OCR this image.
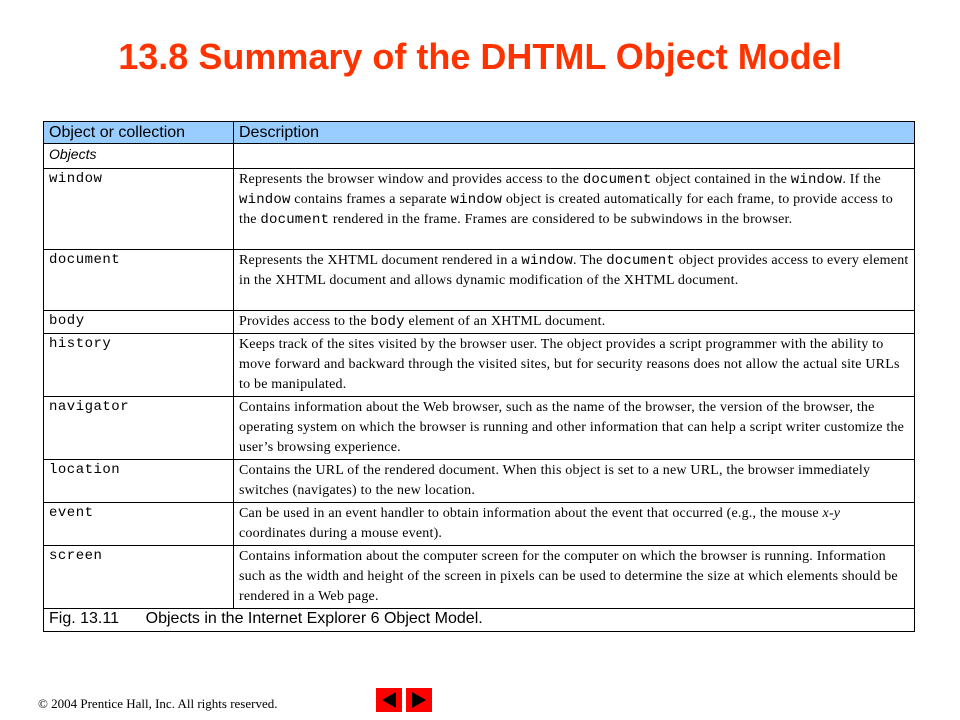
13.8 Summary of the DHTML Object Model
Object or collection	Description
Objects	
window	Represents the browser window and provides access to the document object contained in the window. If the window contains frames a separate window object is created automatically for each frame, to provide access to the document rendered in the frame. Frames are considered to be subwindows in the browser.
document	Represents the XHTML document rendered in a window. The document object provides access to every element in the XHTML document and allows dynamic modification of the XHTML document.
body	Provides access to the body element of an XHTML document.
history	Keeps track of the sites visited by the browser user. The object provides a script programmer with the ability to move forward and backward through the visited sites, but for security reasons does not allow the actual site URLs to be manipulated.
navigator	Contains information about the Web browser, such as the name of the browser, the version of the browser, the operating system on which the browser is running and other information that can help a script writer customize the user’s browsing experience.
location	Contains the URL of the rendered document. When this object is set to a new URL, the browser immediately switches (navigates) to the new location.
event	Can be used in an event handler to obtain information about the event that occurred (e.g., the mouse x-y coordinates during a mouse event).
screen	Contains information about the computer screen for the computer on which the browser is running. Information such as the width and height of the screen in pixels can be used to determine the size at which elements should be rendered in a Web page.
Fig. 13.11      Objects in the Internet Explorer 6 Object Model.	
© 2004 Prentice Hall, Inc. All rights reserved.
